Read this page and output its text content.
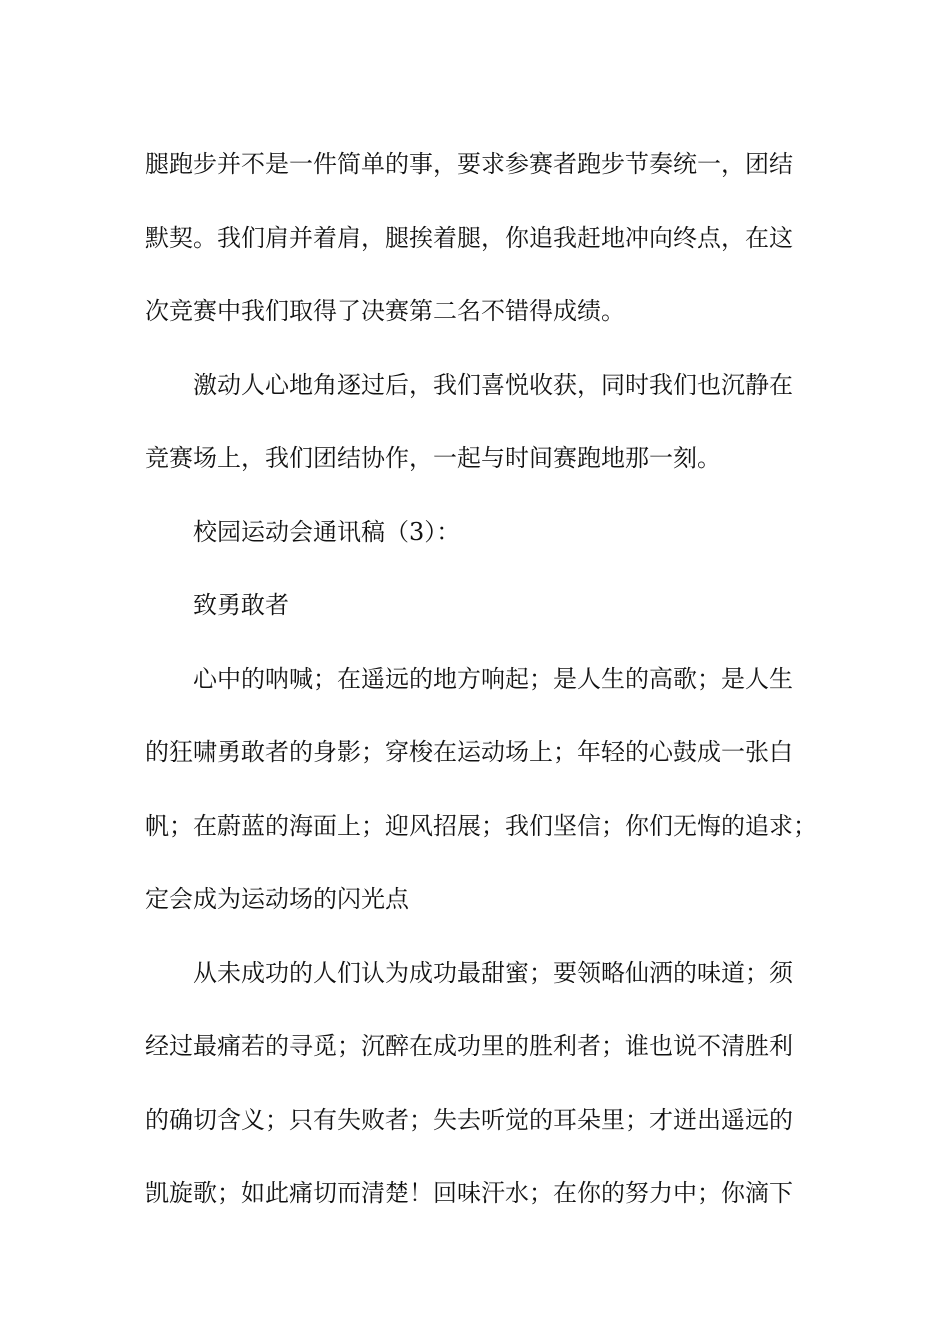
腿跑步并不是一件简单的事，要求参赛者跑步节奏统一，团结
默契。我们肩并着肩，腿挨着腿，你追我赶地冲向终点，在这
次竞赛中我们取得了决赛第二名不错得成绩。
激动人心地角逐过后，我们喜悦收获，同时我们也沉静在
竞赛场上，我们团结协作，一起与时间赛跑地那一刻。
校园运动会通讯稿（3）：
致勇敢者
心中的呐喊；在遥远的地方响起；是人生的高歌；是人生
的狂啸勇敢者的身影；穿梭在运动场上；年轻的心鼓成一张白
帆；在蔚蓝的海面上；迎风招展；我们坚信；你们无悔的追求；
定会成为运动场的闪光点
从未成功的人们认为成功最甜蜜；要领略仙洒的味道；须
经过最痛若的寻觅；沉醉在成功里的胜利者；谁也说不清胜利
的确切含义；只有失败者；失去听觉的耳朵里；才迸出遥远的
凯旋歌；如此痛切而清楚！回味汗水；在你的努力中；你滴下
